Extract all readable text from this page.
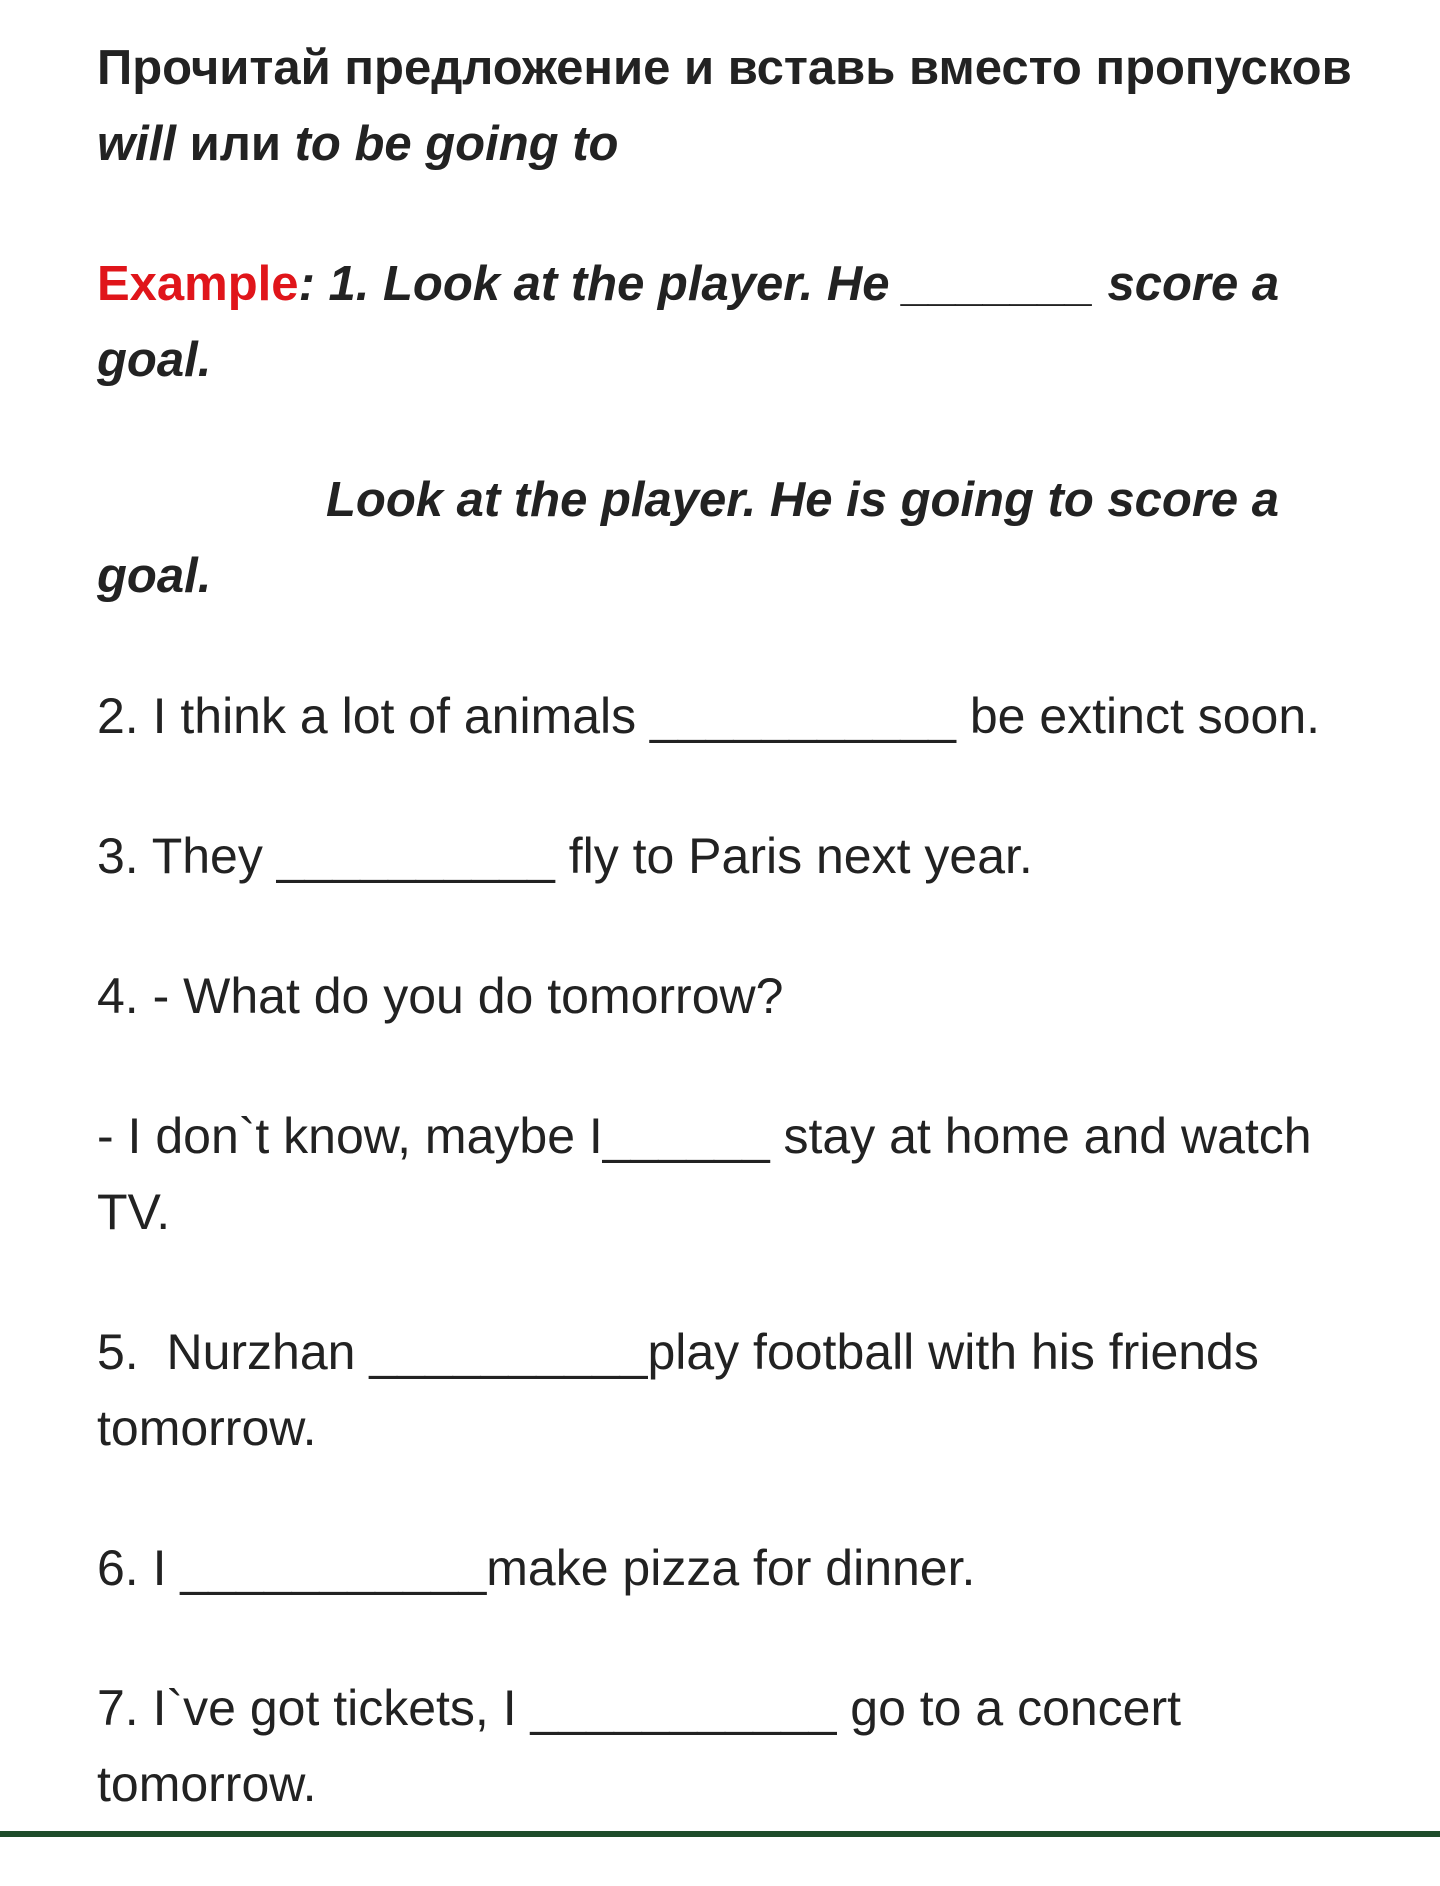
Прочитай предложение и вставь вместо пропусков will или to be going to

Example: 1. Look at the player. He _______ score a goal.

Look at the player. He is going to score a goal.

2. I think a lot of animals ___________ be extinct soon.

3. They __________ fly to Paris next year.

4. - What do you do tomorrow?

- I don`t know, maybe I______ stay at home and watch TV.

5.  Nurzhan __________play football with his friends tomorrow.

6. I ___________make pizza for dinner.

7. I`ve got tickets, I ___________ go to a concert tomorrow.
